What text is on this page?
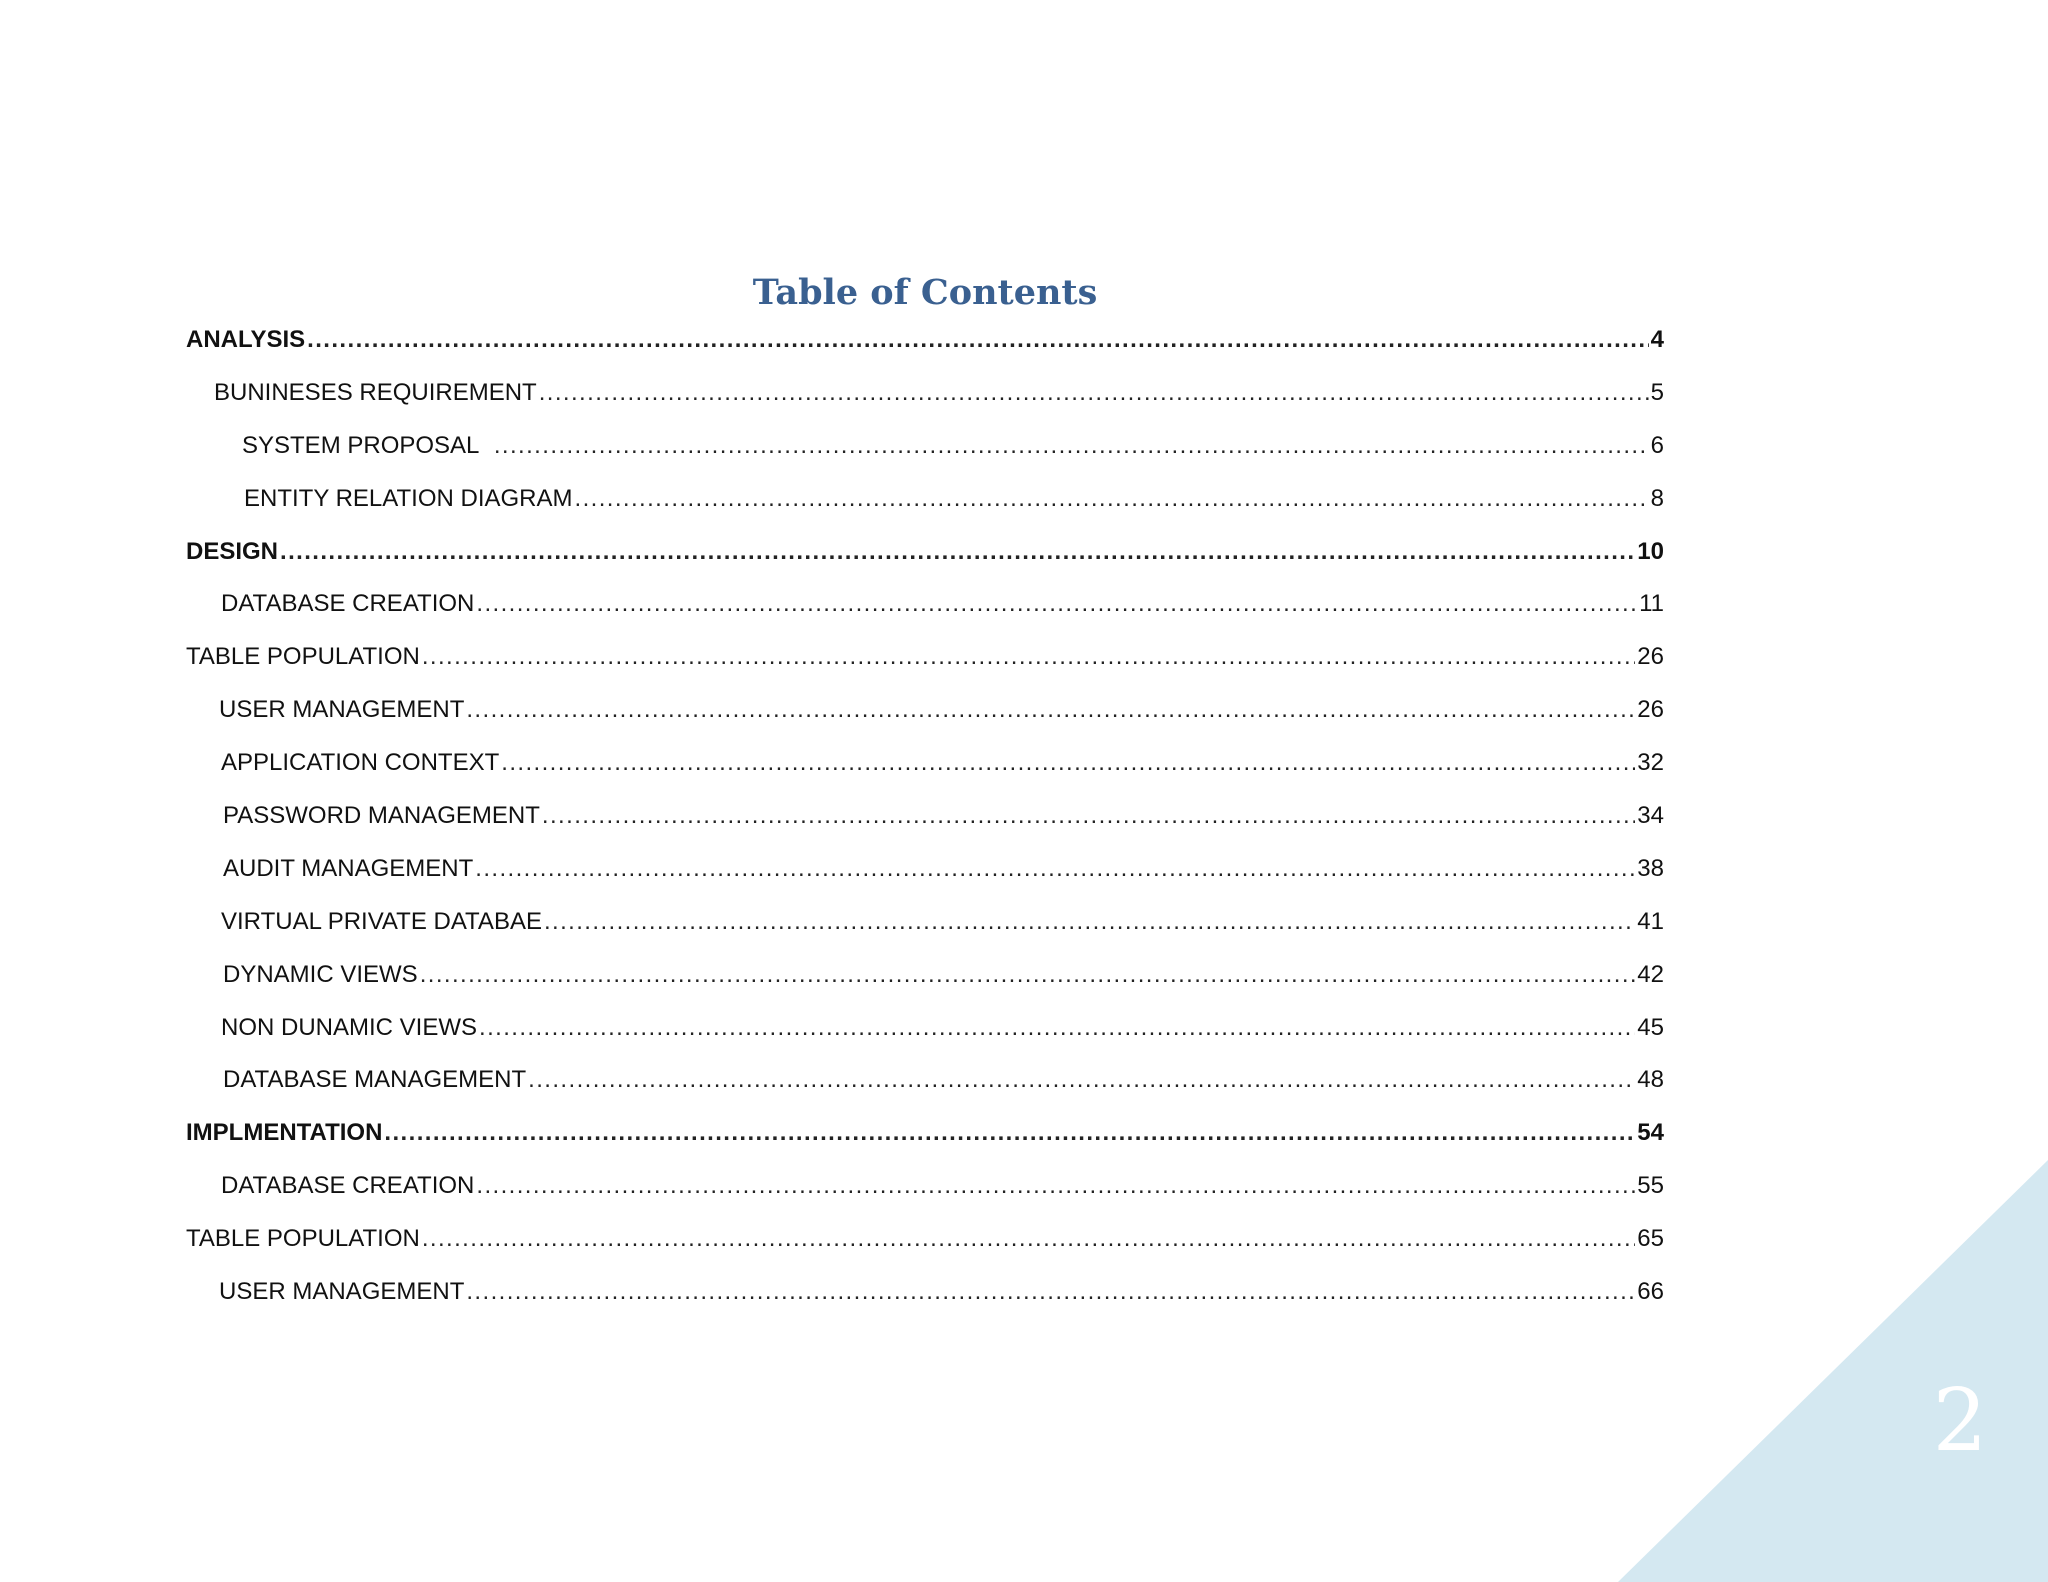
2
Table of Contents
ANALYSIS .....	4
BUNINESES REQUIREMENT .....	5
SYSTEM PROPOSAL .....	6
ENTITY RELATION DIAGRAM .....	8
DESIGN .....	10
DATABASE CREATION .....	11
TABLE POPULATION .....	26
USER MANAGEMENT .....	26
APPLICATION CONTEXT .....	32
PASSWORD MANAGEMENT .....	34
AUDIT MANAGEMENT .....	38
VIRTUAL PRIVATE DATABAE .....	41
DYNAMIC VIEWS .....	42
NON DUNAMIC VIEWS .....	45
DATABASE MANAGEMENT .....	48
IMPLMENTATION .....	54
DATABASE CREATION .....	55
TABLE POPULATION .....	65
USER MANAGEMENT .....	66
